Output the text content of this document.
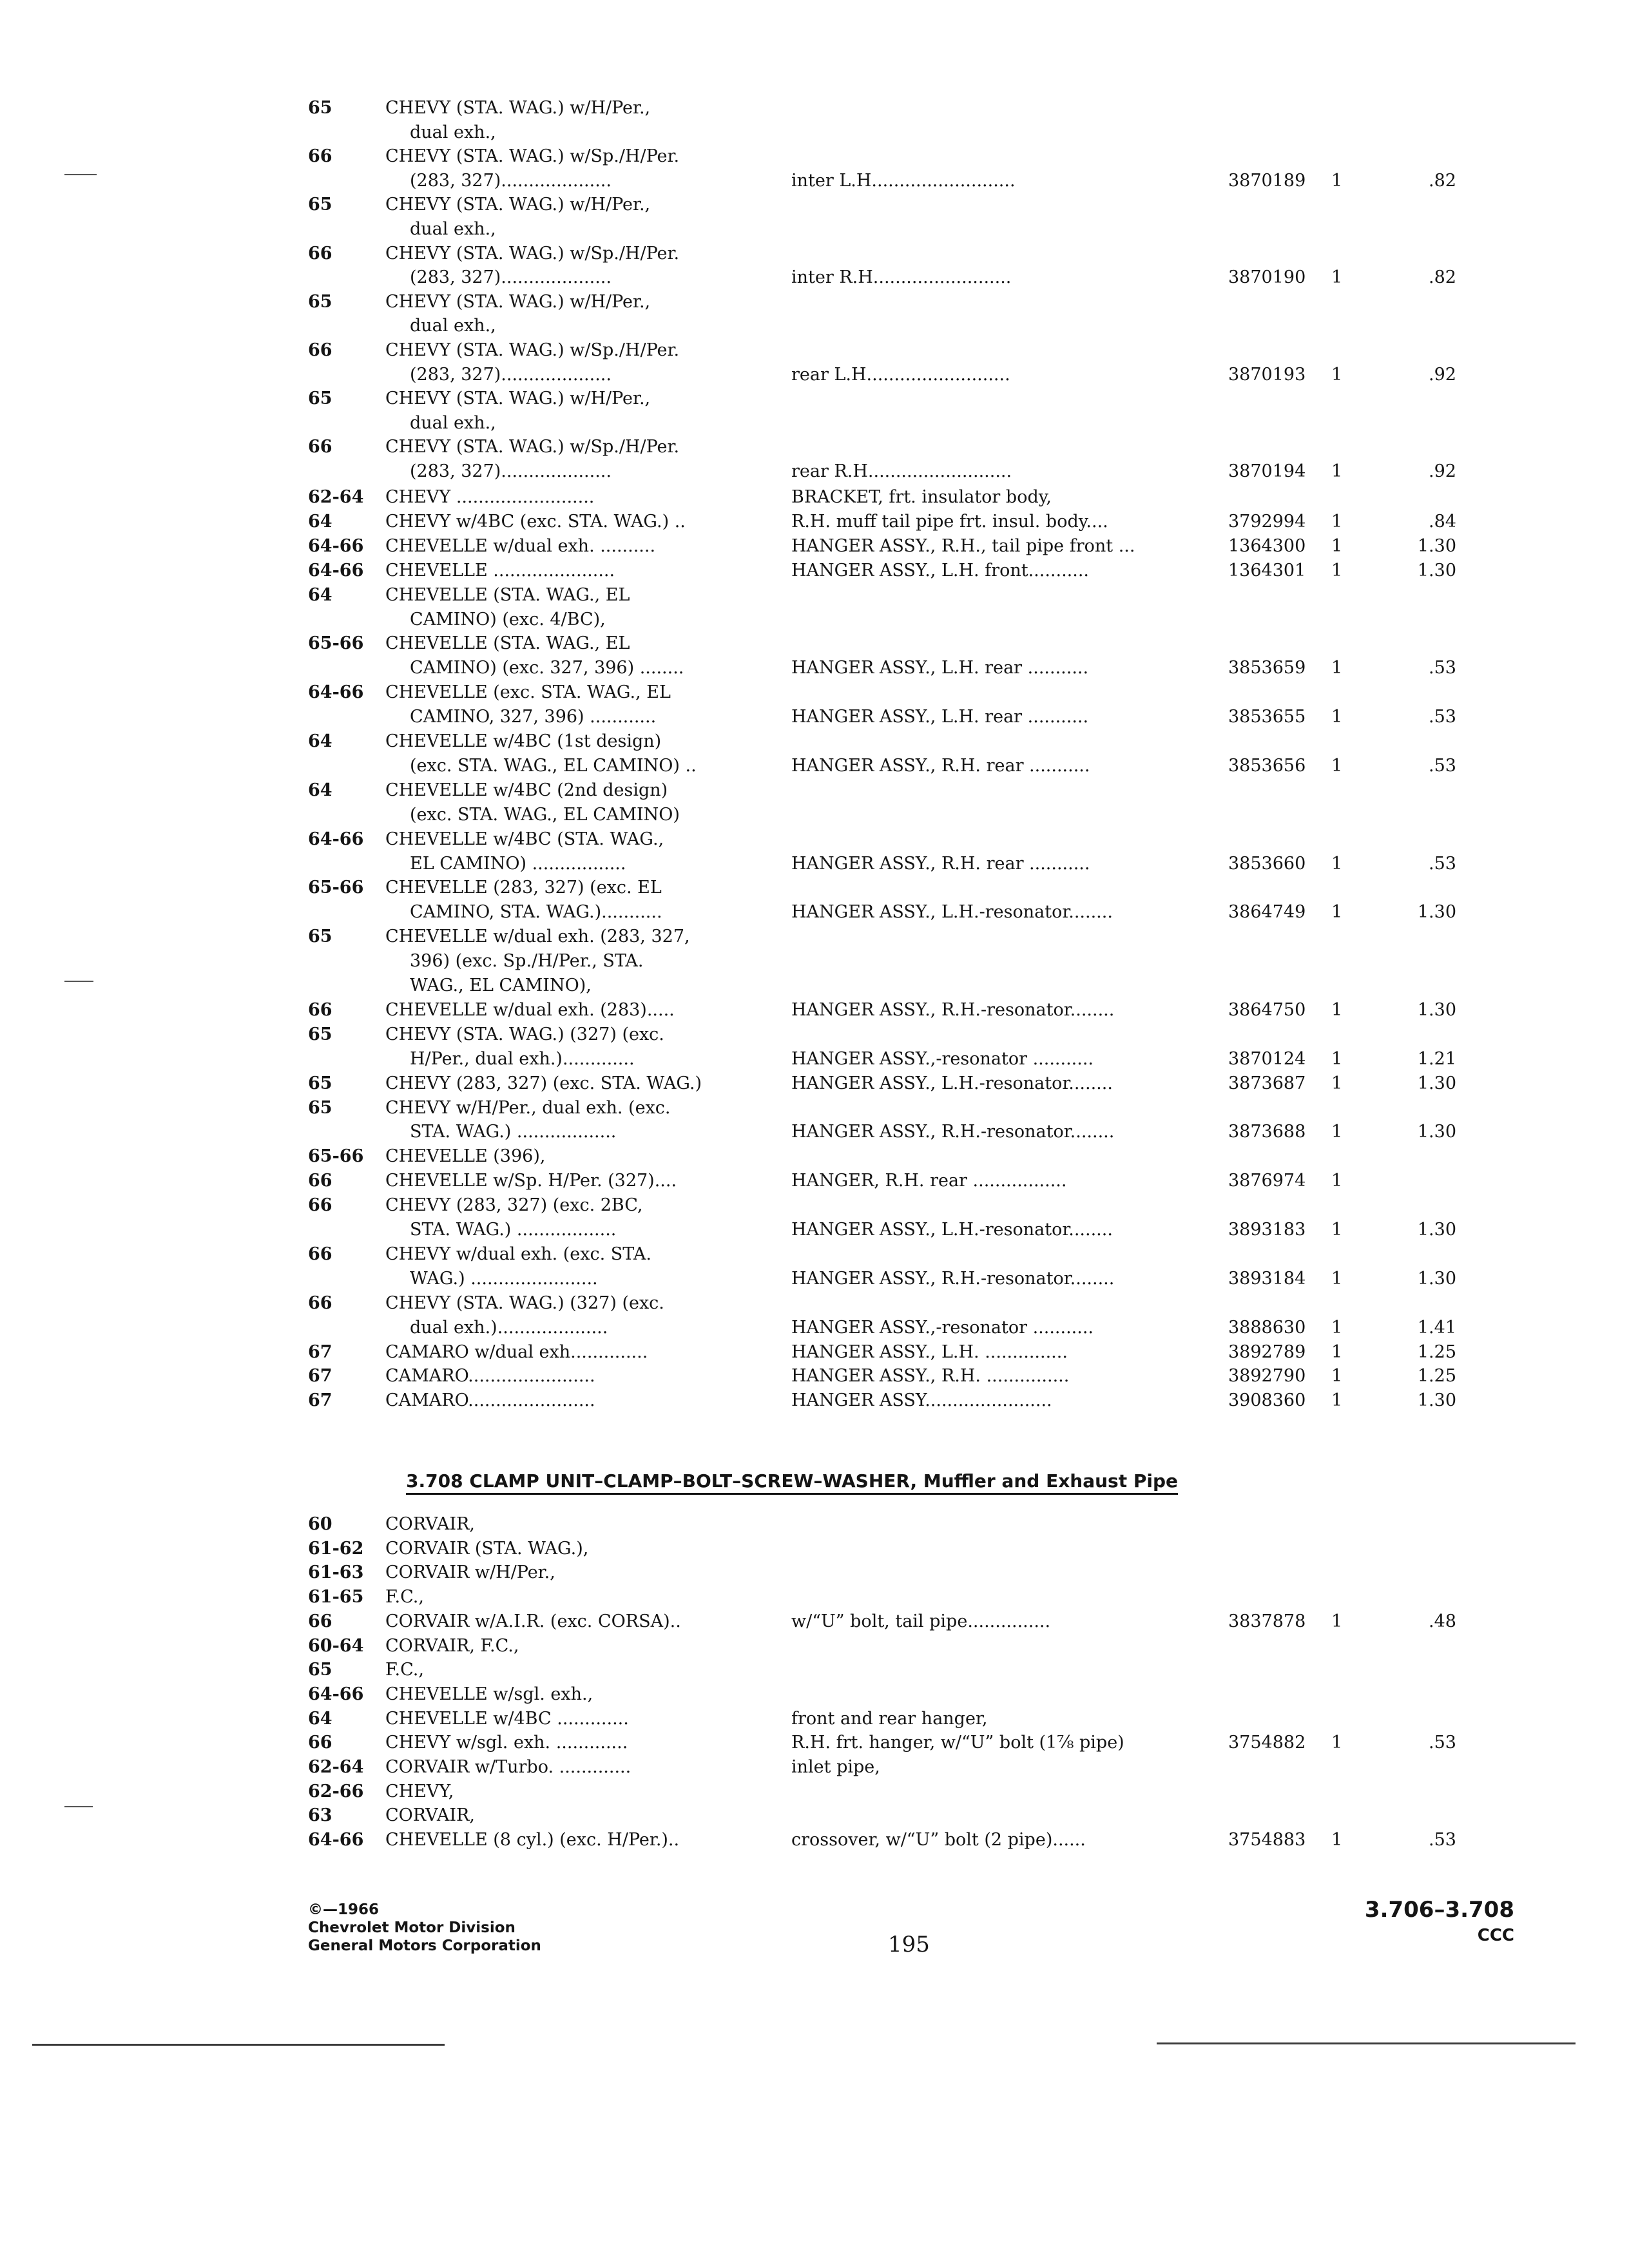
65	CHEVY (STA. WAG.) w/H/Per.,
dual exh.,
66	CHEVY (STA. WAG.) w/Sp./H/Per.
(283, 327)....................	inter L.H..........................	3870189 1	.82
65	CHEVY (STA. WAG.) w/H/Per.,
dual exh.,
66	CHEVY (STA. WAG.) w/Sp./H/Per.
(283, 327)....................	inter R.H.........................	3870190 1	.82
65	CHEVY (STA. WAG.) w/H/Per.,
dual exh.,
66	CHEVY (STA. WAG.) w/Sp./H/Per.
(283, 327)....................	rear L.H..........................	3870193 1	.92
65	CHEVY (STA. WAG.) w/H/Per.,
dual exh.,
66	CHEVY (STA. WAG.) w/Sp./H/Per.
(283, 327)....................	rear R.H..........................	3870194 1	.92
62-64 CHEVY .........................	BRACKET, frt. insulator body,
64	CHEVY w/4BC (exc. STA. WAG.) ..	R.H. muff tail pipe frt. insul. body....	3792994 1	.84
64-66 CHEVELLE w/dual exh. ..........	HANGER ASSY., R.H., tail pipe front ...	1364300 1	1.30
64-66 CHEVELLE ......................	HANGER ASSY., L.H. front...........	1364301 1	1.30
64	CHEVELLE (STA. WAG., EL
CAMINO) (exc. 4/BC),
65-66 CHEVELLE (STA. WAG., EL
CAMINO) (exc. 327, 396) ........	HANGER ASSY., L.H. rear ...........	3853659 1	.53
64-66 CHEVELLE (exc. STA. WAG., EL
CAMINO, 327, 396) ............	HANGER ASSY., L.H. rear ...........	3853655 1	.53
64	CHEVELLE w/4BC (1st design)
(exc. STA. WAG., EL CAMINO) ..	HANGER ASSY., R.H. rear ...........	3853656 1	.53
64	CHEVELLE w/4BC (2nd design)
(exc. STA. WAG., EL CAMINO)
64-66 CHEVELLE w/4BC (STA. WAG.,
EL CAMINO) .................	HANGER ASSY., R.H. rear ...........	3853660 1	.53
65-66 CHEVELLE (283, 327) (exc. EL
CAMINO, STA. WAG.)...........	HANGER ASSY., L.H.-resonator........	3864749 1	1.30
65	CHEVELLE w/dual exh. (283, 327,
396) (exc. Sp./H/Per., STA.
WAG., EL CAMINO),
66	CHEVELLE w/dual exh. (283).....	HANGER ASSY., R.H.-resonator........	3864750 1	1.30
65	CHEVY (STA. WAG.) (327) (exc.
H/Per., dual exh.).............	HANGER ASSY.,-resonator ...........	3870124 1	1.21
65	CHEVY (283, 327) (exc. STA. WAG.)	HANGER ASSY., L.H.-resonator........	3873687 1	1.30
65	CHEVY w/H/Per., dual exh. (exc.
STA. WAG.) ..................	HANGER ASSY., R.H.-resonator........	3873688 1	1.30
65-66 CHEVELLE (396),
66	CHEVELLE w/Sp. H/Per. (327)....	HANGER, R.H. rear .................	3876974 1
66	CHEVY (283, 327) (exc. 2BC,
STA. WAG.) ..................	HANGER ASSY., L.H.-resonator........	3893183 1	1.30
66	CHEVY w/dual exh. (exc. STA.
WAG.) .......................	HANGER ASSY., R.H.-resonator........	3893184 1	1.30
66	CHEVY (STA. WAG.) (327) (exc.
dual exh.)....................	HANGER ASSY.,-resonator ...........	3888630 1	1.41
67	CAMARO w/dual exh..............	HANGER ASSY., L.H. ...............	3892789 1	1.25
67	CAMARO.......................	HANGER ASSY., R.H. ...............	3892790 1	1.25
67	CAMARO.......................	HANGER ASSY.......................	3908360 1	1.30
3.708 CLAMP UNIT–CLAMP–BOLT–SCREW–WASHER, Muffler and Exhaust Pipe
60	CORVAIR,
61-62 CORVAIR (STA. WAG.),
61-63 CORVAIR w/H/Per.,
61-65 F.C.,
66	CORVAIR w/A.I.R. (exc. CORSA)..	w/“U” bolt, tail pipe...............	3837878 1	.48
60-64 CORVAIR, F.C.,
65	F.C.,
64-66 CHEVELLE w/sgl. exh.,
64	CHEVELLE w/4BC .............	front and rear hanger,
66	CHEVY w/sgl. exh. .............	R.H. frt. hanger, w/“U” bolt (1⅞ pipe)	3754882 1	.53
62-64 CORVAIR w/Turbo. .............	inlet pipe,
62-66 CHEVY,
63	CORVAIR,
64-66 CHEVELLE (8 cyl.) (exc. H/Per.)..	crossover, w/“U” bolt (2 pipe)......	3754883 1	.53
©—1966
Chevrolet Motor Division
General Motors Corporation	195
3.706–3.708
CCC
